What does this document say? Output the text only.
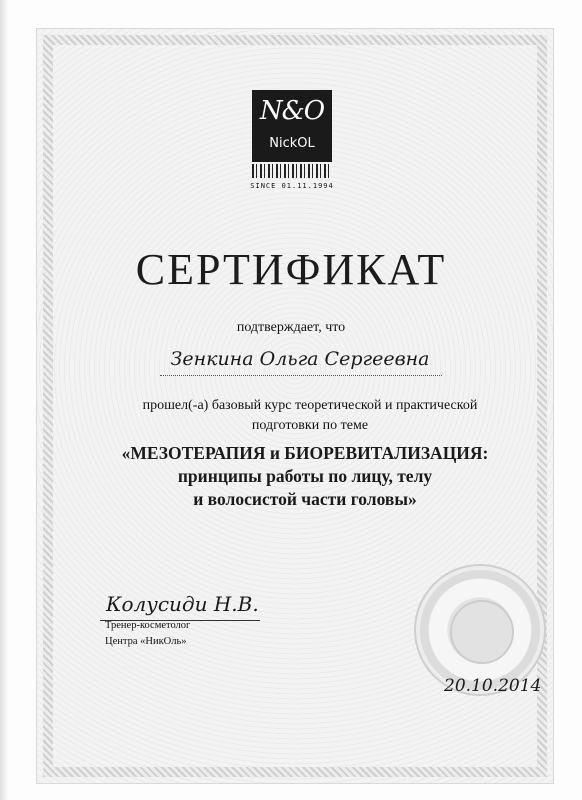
N&O
NickOL
SINCE 01.11.1994
СЕРТИФИКАТ
подтверждает, что
Зенкина Ольга Сергеевна
прошел(-а) базовый курс теоретической и практической
подготовки по теме
«МЕЗОТЕРАПИЯ и БИОРЕВИТАЛИЗАЦИЯ:
принципы работы по лицу, телу
и волосистой части головы»
Колусиди Н.В.
Тренер-косметолог
Центра «НикОль»
20.10.2014
